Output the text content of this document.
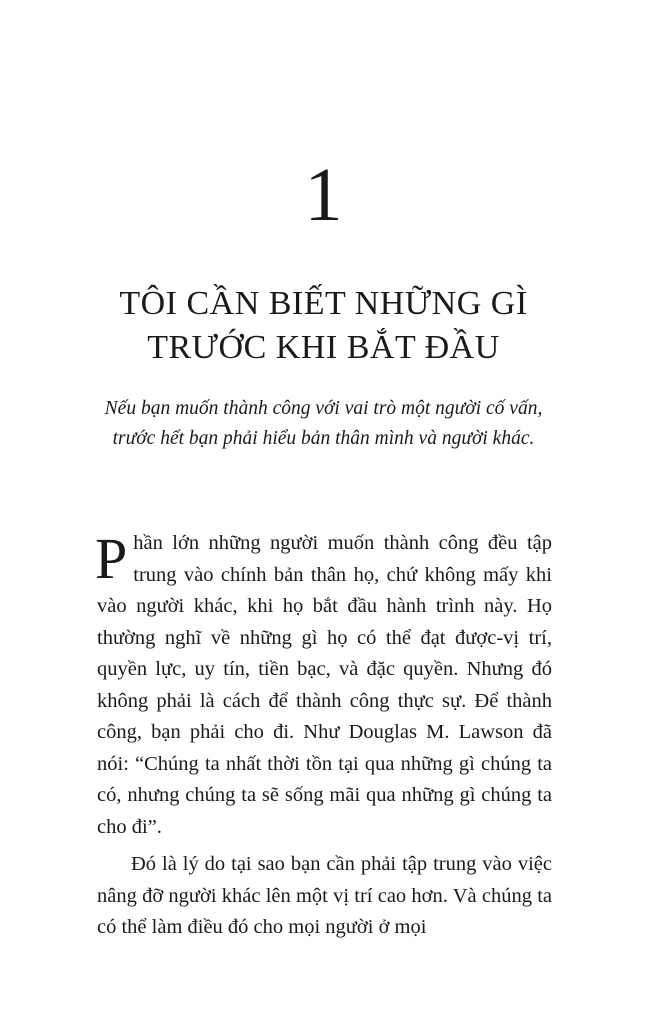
1
TÔI CẦN BIẾT NHỮNG GÌ
TRƯỚC KHI BẮT ĐẦU
Nếu bạn muốn thành công với vai trò một người cố vấn,
trước hết bạn phải hiểu bản thân mình và người khác.

Phần lớn những người muốn thành công đều tập trung vào chính bản thân họ, chứ không mấy khi vào người khác, khi họ bắt đầu hành trình này. Họ thường nghĩ về những gì họ có thể đạt được-vị trí, quyền lực, uy tín, tiền bạc, và đặc quyền. Nhưng đó không phải là cách để thành công thực sự. Để thành công, bạn phải cho đi. Như Douglas M. Lawson đã nói: “Chúng ta nhất thời tồn tại qua những gì chúng ta có, nhưng chúng ta sẽ sống mãi qua những gì chúng ta cho đi”.

Đó là lý do tại sao bạn cần phải tập trung vào việc nâng đỡ người khác lên một vị trí cao hơn. Và chúng ta có thể làm điều đó cho mọi người ở mọi
